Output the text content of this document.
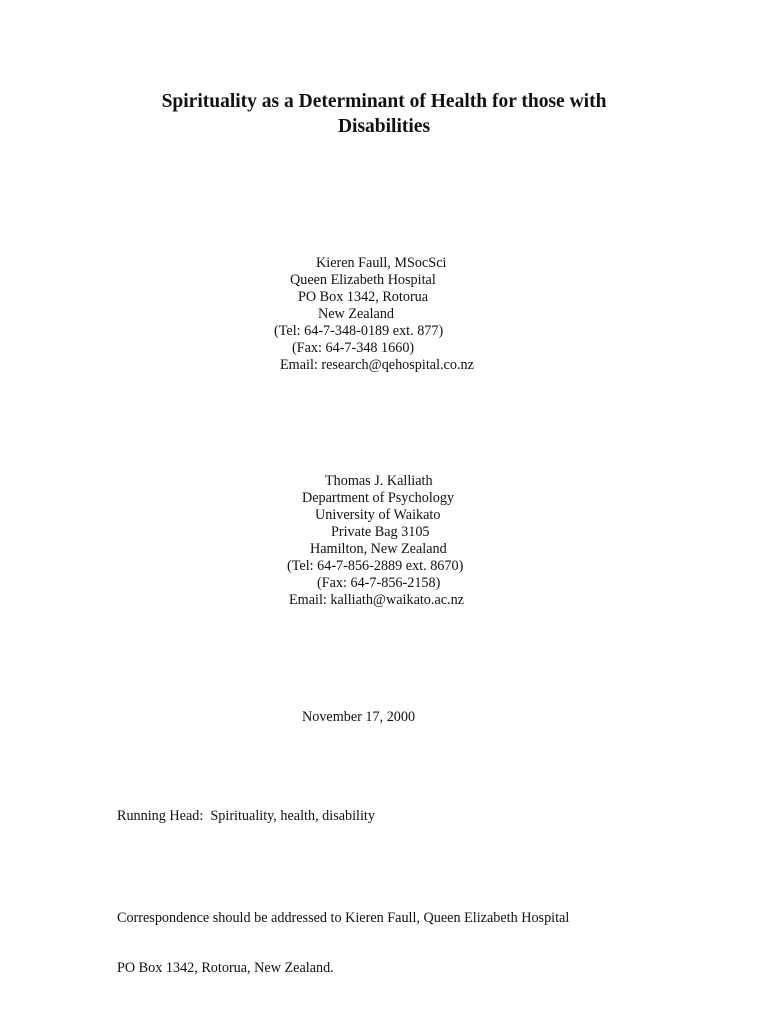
Spirituality as a Determinant of Health for those with
Disabilities

Kieren Faull, MSocSci

Queen Elizabeth Hospital

PO Box 1342, Rotorua

New Zealand

(Tel: 64-7-348-0189 ext. 877)

(Fax: 64-7-348 1660)

Email: research@qehospital.co.nz

Thomas J. Kalliath

Department of Psychology

University of Waikato

Private Bag 3105

Hamilton, New Zealand

(Tel: 64-7-856-2889 ext. 8670)

(Fax: 64-7-856-2158)

Email: kalliath@waikato.ac.nz

November 17, 2000
Running Head:  Spirituality, health, disability

Correspondence should be addressed to Kieren Faull, Queen Elizabeth Hospital

PO Box 1342, Rotorua, New Zealand.
